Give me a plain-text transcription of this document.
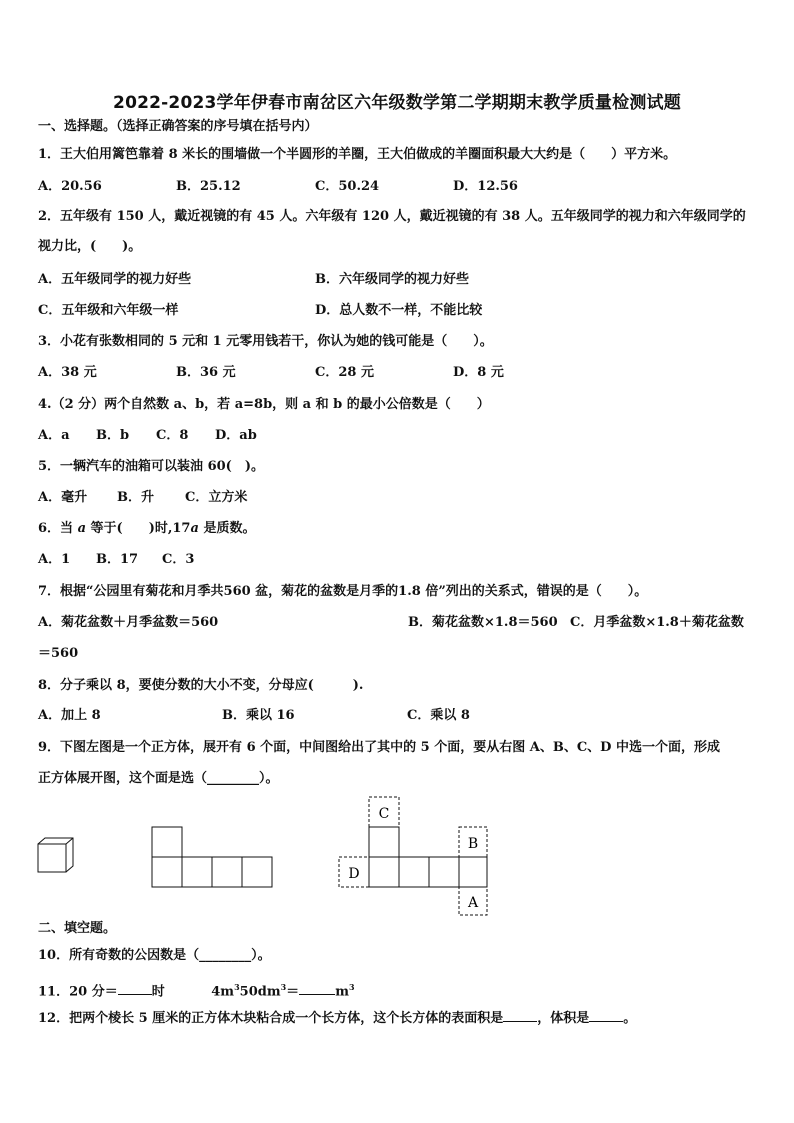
2022-2023学年伊春市南岔区六年级数学第二学期期末教学质量检测试题
一、选择题。（选择正确答案的序号填在括号内）
1．王大伯用篱笆靠着 8 米长的围墙做一个半圆形的羊圈，王大伯做成的羊圈面积最大大约是（　　）平方米。
A．20.56	B．25.12	C．50.24	D．12.56
2．五年级有 150 人，戴近视镜的有 45 人。六年级有 120 人，戴近视镜的有 38 人。五年级同学的视力和六年级同学的
视力比，(　　)。
A．五年级同学的视力好些	B．六年级同学的视力好些
C．五年级和六年级一样	D．总人数不一样，不能比较
3．小花有张数相同的 5 元和 1 元零用钱若干，你认为她的钱可能是（　　）。
A．38 元	B．36 元	C．28 元	D．8 元
4.（2 分）两个自然数 a、b，若 a=8b，则 a 和 b 的最小公倍数是（　　）
A．a B．b C．8 D．ab
5．一辆汽车的油箱可以装油 60(　)。
A．毫升 B．升 C．立方米
6．当 a 等于(　　)时,17a 是质数。
A．1 B．17 C．3
7．根据“公园里有菊花和月季共560 盆，菊花的盆数是月季的1.8 倍”列出的关系式，错误的是（　　）。
A．菊花盆数＋月季盆数＝560	B．菊花盆数×1.8＝560 C．月季盆数×1.8＋菊花盆数
＝560
8．分子乘以 8，要使分数的大小不变，分母应(　　　).
A．加上 8	B．乘以 16	C．乘以 8
9．下图左图是一个正方体，展开有 6 个面，中间图给出了其中的 5 个面，要从右图 A、B、C、D 中选一个面，形成
正方体展开图，这个面是选（________）。
C
B
D
A
二、填空题。
10．所有奇数的公因数是（________）。
11．20 分＝	时	$4m^350dm^3=$	$m^3$
12．把两个棱长 5 厘米的正方体木块粘合成一个长方体，这个长方体的表面积是	，体积是	。
